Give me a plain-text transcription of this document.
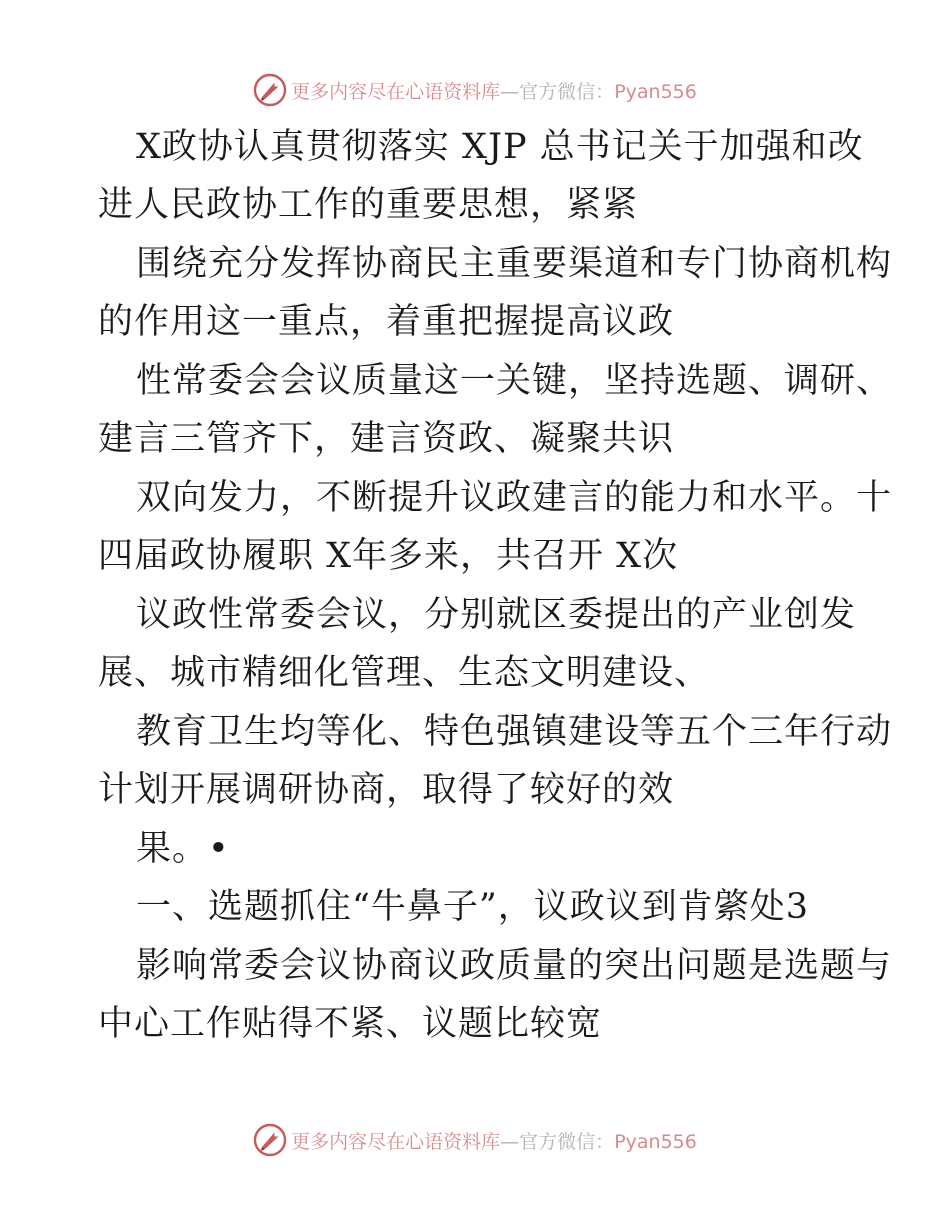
更多内容尽在心语资料库—官方微信：Pyan556
X政协认真贯彻落实 XJP 总书记关于加强和改
进人民政协工作的重要思想，紧紧
围绕充分发挥协商民主重要渠道和专门协商机构
的作用这一重点，着重把握提高议政
性常委会会议质量这一关键，坚持选题、调研、
建言三管齐下，建言资政、凝聚共识
双向发力，不断提升议政建言的能力和水平。十
四届政协履职 X年多来，共召开 X次
议政性常委会议，分别就区委提出的产业创发
展、城市精细化管理、生态文明建设、
教育卫生均等化、特色强镇建设等五个三年行动
计划开展调研协商，取得了较好的效
果。•
一、选题抓住“牛鼻子”，议政议到肯綮处3
影响常委会议协商议政质量的突出问题是选题与
中心工作贴得不紧、议题比较宽
更多内容尽在心语资料库—官方微信：Pyan556
